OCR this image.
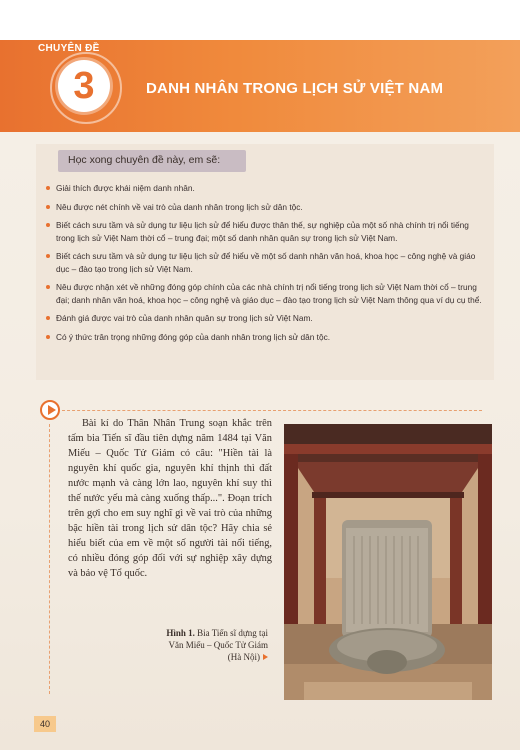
CHUYÊN ĐỀ
3	DANH NHÂN TRONG LỊCH SỬ VIỆT NAM
Học xong chuyên đề này, em sẽ:
Giải thích được khái niệm danh nhân.
Nêu được nét chính về vai trò của danh nhân trong lịch sử dân tộc.
Biết cách sưu tầm và sử dụng tư liệu lịch sử để hiểu được thân thế, sự nghiệp của một số nhà chính trị nổi tiếng trong lịch sử Việt Nam thời cổ – trung đại; một số danh nhân quân sự trong lịch sử Việt Nam.
Biết cách sưu tầm và sử dụng tư liệu lịch sử để hiểu về một số danh nhân văn hoá, khoa học – công nghệ và giáo dục – đào tạo trong lịch sử Việt Nam.
Nêu được nhận xét về những đóng góp chính của các nhà chính trị nổi tiếng trong lịch sử Việt Nam thời cổ – trung đại; danh nhân văn hoá, khoa học – công nghệ và giáo dục – đào tạo trong lịch sử Việt Nam thông qua ví dụ cụ thể.
Đánh giá được vai trò của danh nhân quân sự trong lịch sử Việt Nam.
Có ý thức trân trọng những đóng góp của danh nhân trong lịch sử dân tộc.
Bài kí do Thân Nhân Trung soạn khắc trên tấm bia Tiến sĩ đầu tiên dựng năm 1484 tại Văn Miếu – Quốc Tử Giám có câu: "Hiền tài là nguyên khí quốc gia, nguyên khí thịnh thì đất nước mạnh và càng lớn lao, nguyên khí suy thì thế nước yếu mà càng xuống thấp...". Đoạn trích trên gợi cho em suy nghĩ gì về vai trò của những bậc hiền tài trong lịch sử dân tộc? Hãy chia sẻ hiểu biết của em về một số người tài nổi tiếng, có nhiều đóng góp đối với sự nghiệp xây dựng và bảo vệ Tổ quốc.
Hình 1. Bia Tiến sĩ dựng tại Văn Miếu – Quốc Tử Giám (Hà Nội)
40
